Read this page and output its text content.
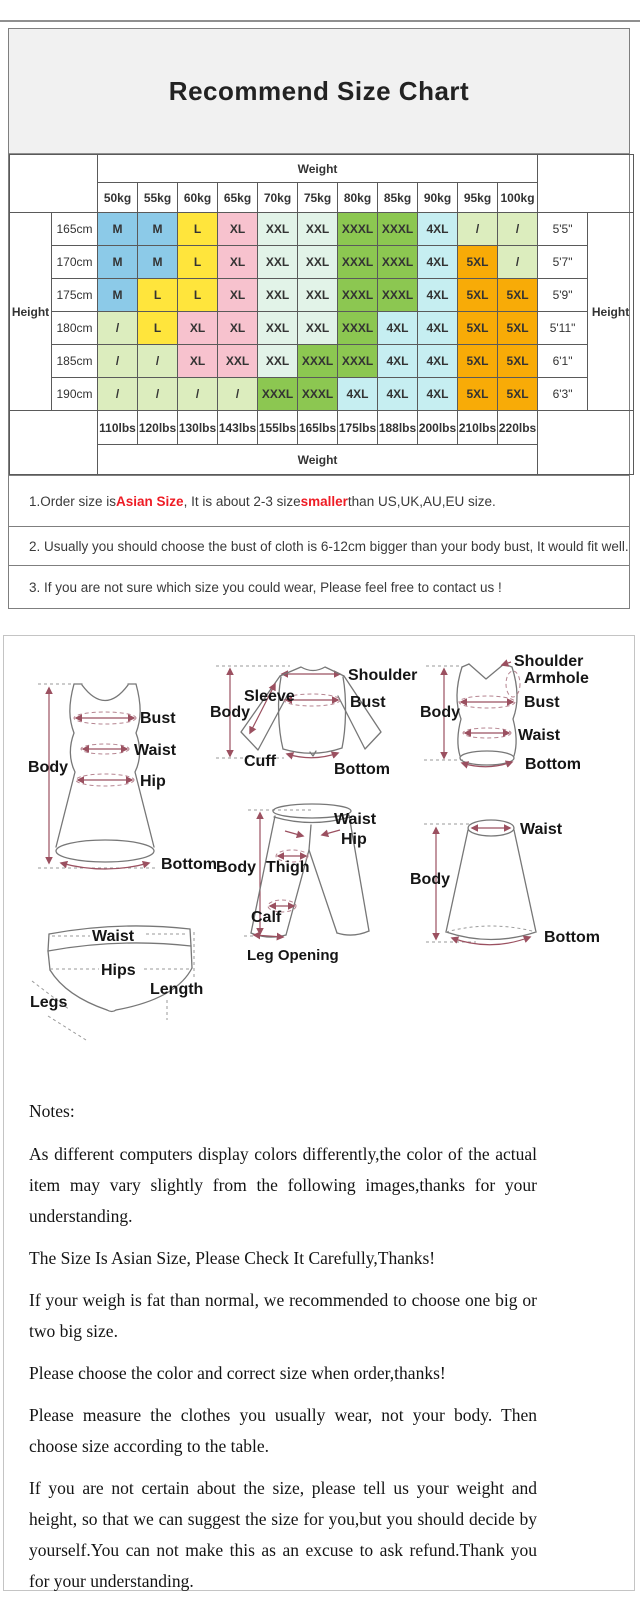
Recommend Size Chart
		Weight												
		50kg	55kg	60kg	65kg	70kg	75kg	80kg	85kg	90kg	95kg	100kg		
Height	165cm	M	M	L	XL	XXL	XXL	XXXL	XXXL	4XL	/	/	5'5"	Height
	170cm	M	M	L	XL	XXL	XXL	XXXL	XXXL	4XL	5XL	/	5'7"	
	175cm	M	L	L	XL	XXL	XXL	XXXL	XXXL	4XL	5XL	5XL	5'9"	
	180cm	/	L	XL	XL	XXL	XXL	XXXL	4XL	4XL	5XL	5XL	5'11"	
	185cm	/	/	XL	XXL	XXL	XXXL	XXXL	4XL	4XL	5XL	5XL	6'1"	
	190cm	/	/	/	/	XXXL	XXXL	4XL	4XL	4XL	5XL	5XL	6'3"	
		110lbs	120lbs	130lbs	143lbs	155lbs	165lbs	175lbs	188lbs	200lbs	210lbs	220lbs		
		Weight												
1.Order size is Asian Size , It is about 2-3 size smaller than US,UK,AU,EU size.
2. Usually you should choose the bust of cloth is 6-12cm bigger than your body bust, It would fit well.
3. If you are not sure which size you could wear, Please feel free to contact us !
Bust
Waist
Hip
Body
Bottom
Sleeve
Body
Cuff
Shoulder
Bust
Bottom
Shoulder
Armhole
Body
Bust
Waist
Bottom
Waist
Hip
Body Thigh
Calf
Leg Opening
Waist
Body
Bottom
Waist
Hips
Legs
Length
Notes:

As different computers display colors differently,the color of the actual item may vary slightly from the following images,thanks for your understanding.

The Size Is Asian Size, Please Check It Carefully,Thanks!

If your weigh is fat than normal, we recommended to choose one big or two big size.

Please choose the color and correct size when order,thanks!

Please measure the clothes you usually wear, not your body. Then choose size according to the table.

If you are not certain about the size, please tell us your weight and height, so that we can suggest the size for you,but you should decide by yourself.You can not make this as an excuse to ask refund.Thank you for your understanding.
